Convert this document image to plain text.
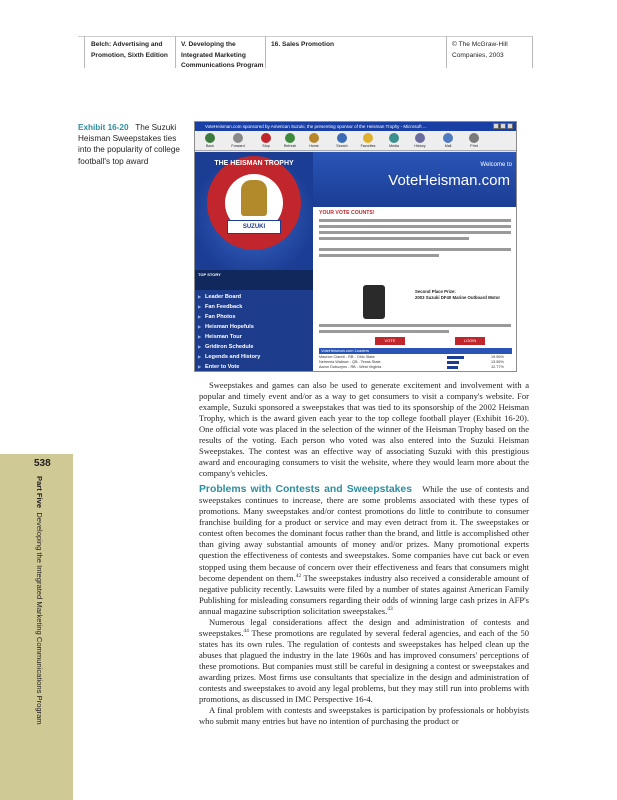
Belch: Advertising and
Promotion, Sixth Edition
V. Developing the
Integrated Marketing
Communications Program
16. Sales Promotion	© The McGraw-Hill
Companies, 2003
538
Part Five  Developing the Integrated Marketing Communications Program
Exhibit 16-20 The Suzuki Heisman Sweepstakes ties into the popularity of college football's top award
VoteHeisman.com sponsored by American Suzuki, the presenting sponsor of the Heisman Trophy - Microsoft ...
Back	Forward	Stop	Refresh	Home	Search	Favorites	Media	History	Mail	Print
THE HEISMAN TROPHY
SUZUKI
TOP STORY
▶ Leader Board
▶ Fan Feedback
▶ Fan Photos
▶ Heisman Hopefuls
▶ Heisman Tour
▶ Gridiron Schedule
▶ Legends and History
▶ Enter to Vote
Welcome to
VoteHeisman.com
YOUR VOTE COUNTS!
Second Place Prize:
2003 Suzuki DF40 Marine Outboard Motor
VOTE	LOGIN
VoteHeisman.com Leaders
Maurice Clarett - RB - Ohio State	19.56%
Nehemia Wallace - QB - Texas State	13.56%
Aaron Dobuzyns - RB - West Virginia	12.77%

Sweepstakes and games can also be used to generate excitement and involvement with a popular and timely event and/or as a way to get consumers to visit a company's website. For example, Suzuki sponsored a sweepstakes that was tied to its sponsorship of the 2002 Heisman Trophy, which is the award given each year to the top college football player (Exhibit 16-20). One official vote was placed in the selection of the winner of the Heisman Trophy based on the results of the voting. Each person who voted was also entered into the Suzuki Heisman Sweepstakes. The contest was an effective way of associating Suzuki with this prestigious award and encouraging consumers to visit the website, where they would learn more about the company's vehicles.

Problems with Contests and Sweepstakes While the use of contests and sweepstakes continues to increase, there are some problems associated with these types of promotions. Many sweepstakes and/or contest promotions do little to contribute to consumer franchise building for a product or service and may even detract from it. The sweepstakes or contest often becomes the dominant focus rather than the brand, and little is accomplished other than giving away substantial amounts of money and/or prizes. Many promotional experts question the effectiveness of contests and sweepstakes. Some companies have cut back or even stopped using them because of concern over their effectiveness and fears that consumers might become dependent on them.$^{42}$ The sweepstakes industry also received a considerable amount of negative publicity recently. Lawsuits were filed by a number of states against American Family Publishing for misleading consumers regarding their odds of winning large cash prizes in AFP's annual magazine subscription solicitation sweepstakes.$^{43}$

Numerous legal considerations affect the design and administration of contests and sweepstakes.$^{44}$ These promotions are regulated by several federal agencies, and each of the 50 states has its own rules. The regulation of contests and sweepstakes has helped clean up the abuses that plagued the industry in the late 1960s and has improved consumers' perceptions of these promotions. But companies must still be careful in designing a contest or sweepstakes and awarding prizes. Most firms use consultants that specialize in the design and administration of contests and sweepstakes to avoid any legal problems, but they may still run into problems with promotions, as discussed in IMC Perspective 16-4.

A final problem with contests and sweepstakes is participation by professionals or hobbyists who submit many entries but have no intention of purchasing the product or
